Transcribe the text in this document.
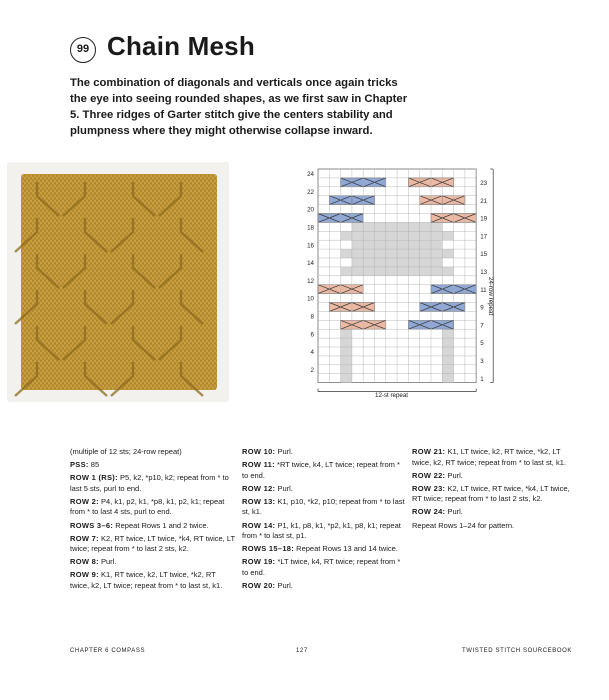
99 Chain Mesh

The combination of diagonals and verticals once again tricks the eye into seeing rounded shapes, as we first saw in Chapter 5. Three ridges of Garter stitch give the centers stability and plumpness where they might otherwise collapse inward.

24
22
20
18
16
14
12
10
8
6
4
2
23
21
19
17
15
13
11
9
7
5
3
1
12-st repeat
24-row repeat

(multiple of 12 sts; 24-row repeat)

PSS: 85

ROW 1 (RS): P5, k2, *p10, k2; repeat from * to last 5 sts, purl to end.

ROW 2: P4, k1, p2, k1, *p8, k1, p2, k1; repeat from * to last 4 sts, purl to end.

ROWS 3–6: Repeat Rows 1 and 2 twice.

ROW 7: K2, RT twice, LT twice, *k4, RT twice, LT twice; repeat from * to last 2 sts, k2.

ROW 8: Purl.

ROW 9: K1, RT twice, k2, LT twice, *k2, RT twice, k2, LT twice; repeat from * to last st, k1.

ROW 10: Purl.

ROW 11: *RT twice, k4, LT twice; repeat from * to end.

ROW 12: Purl.

ROW 13: K1, p10, *k2, p10; repeat from * to last st, k1.

ROW 14: P1, k1, p8, k1, *p2, k1, p8, k1; repeat from * to last st, p1.

ROWS 15–18: Repeat Rows 13 and 14 twice.

ROW 19: *LT twice, k4, RT twice; repeat from * to end.

ROW 20: Purl.

ROW 21: K1, LT twice, k2, RT twice, *k2, LT twice, k2, RT twice; repeat from * to last st, k1.

ROW 22: Purl.

ROW 23: K2, LT twice, RT twice, *k4, LT twice, RT twice; repeat from * to last 2 sts, k2.

ROW 24: Purl.

Repeat Rows 1–24 for pattern.

CHAPTER 6 COMPASS	127	TWISTED STITCH SOURCEBOOK
